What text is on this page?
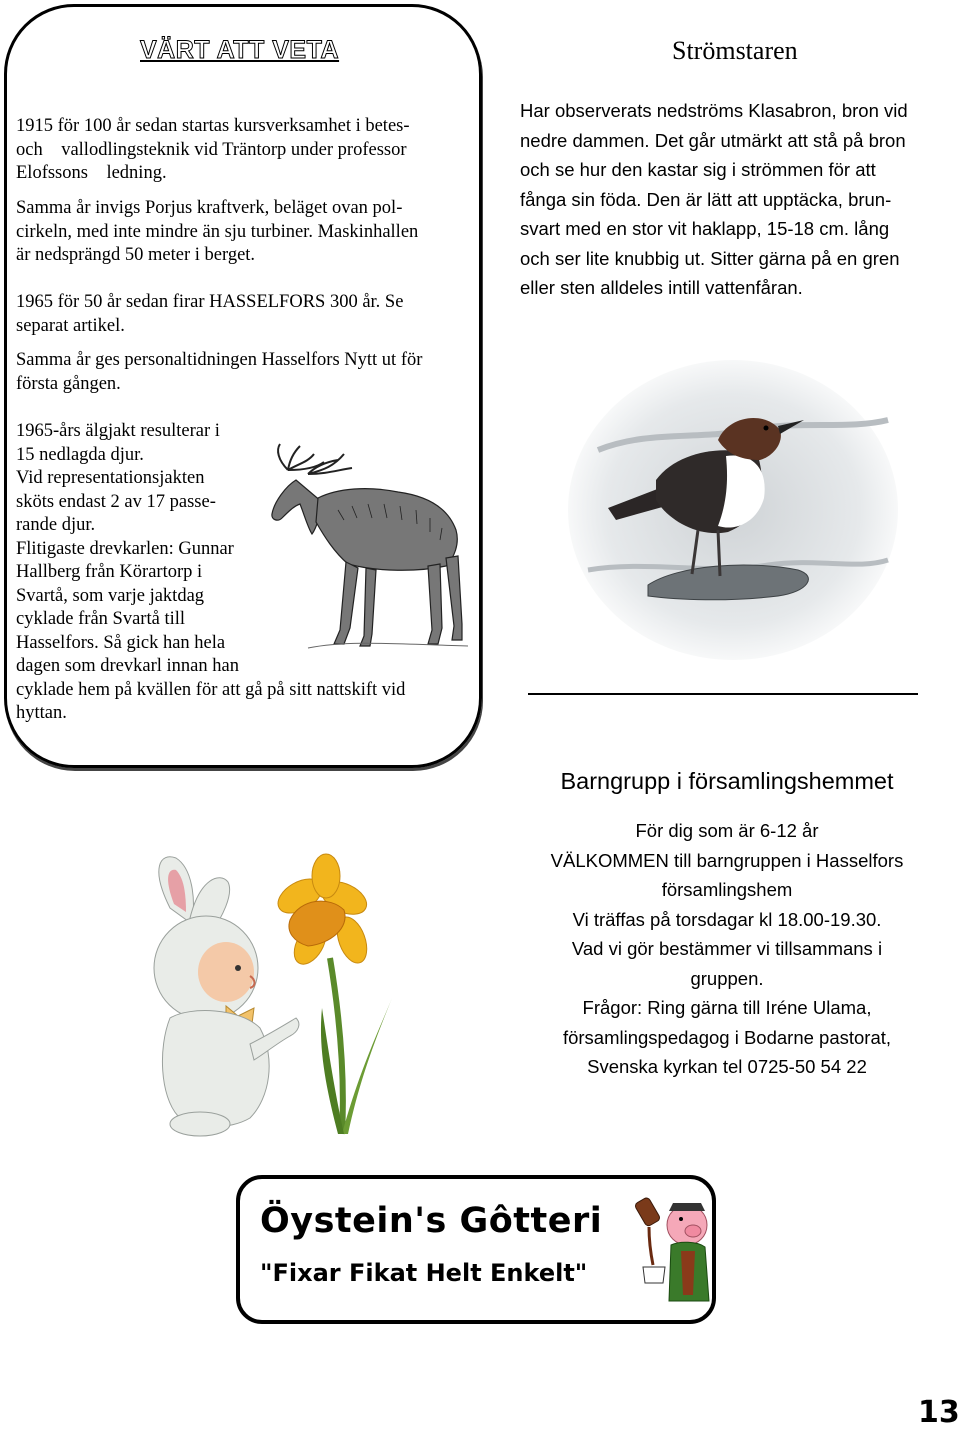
VÄRT ATT VETA
1915 för 100 år sedan startas kursverksamhet i betes-
och    vallodlingsteknik vid Träntorp under professor
Elofssons    ledning.
Samma år invigs Porjus kraftverk, beläget ovan pol-
cirkeln, med inte mindre än sju turbiner. Maskinhallen
är nedsprängd 50 meter i berget.
1965 för 50 år sedan firar HASSELFORS 300 år. Se
separat artikel.
Samma år ges personaltidningen Hasselfors Nytt ut för
första gången.
1965-års älgjakt resulterar i
15 nedlagda djur.
Vid representationsjakten
sköts endast 2 av 17 passe-
rande djur.
Flitigaste drevkarlen: Gunnar
Hallberg från Körartorp i
Svartå, som varje jaktdag
cyklade från Svartå till
Hasselfors. Så gick han hela
dagen som drevkarl innan han
cyklade hem på kvällen för att gå på sitt nattskift vid
hyttan.
Strömstaren
Har observerats nedströms Klasabron, bron vid
nedre dammen. Det går utmärkt att stå på bron
och se hur den kastar sig i strömmen för att
fånga sin föda. Den är lätt att upptäcka, brun-
svart med en stor vit haklapp, 15-18 cm. lång
och ser lite knubbig ut. Sitter gärna på en gren
eller sten alldeles intill vattenfåran.
Barngrupp i församlingshemmet
För dig som är 6-12 år
VÄLKOMMEN till barngruppen i Hasselfors
församlingshem
Vi träffas på torsdagar kl 18.00-19.30.
Vad vi gör bestämmer vi tillsammans i
gruppen.
Frågor: Ring gärna till Iréne Ulama,
församlingspedagog i Bodarne pastorat,
Svenska kyrkan tel 0725-50 54 22
Öystein's Gôtteri
"Fixar Fikat Helt Enkelt"
13
